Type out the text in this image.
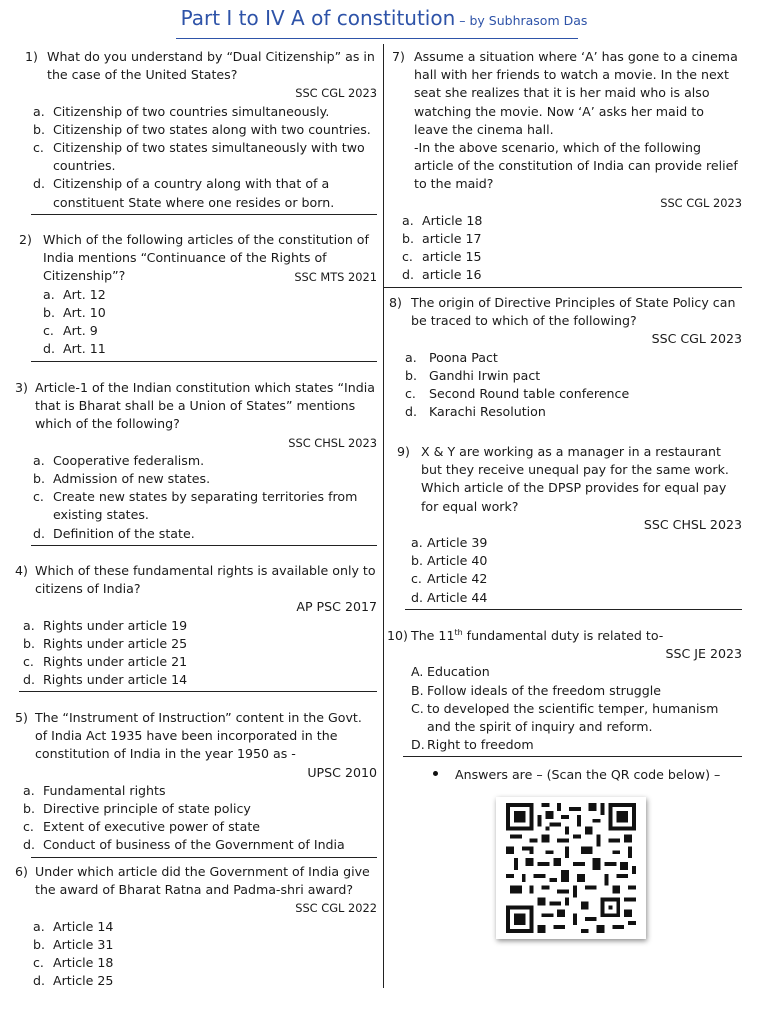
Part I to IV A of constitution – by Subhrasom Das
1) What do you understand by “Dual Citizenship” as in the case of the United States?
SSC CGL 2023
a. Citizenship of two countries simultaneously.
b. Citizenship of two states along with two countries.
c. Citizenship of two states simultaneously with two countries.
d. Citizenship of a country along with that of a constituent State where one resides or born.
2) Which of the following articles of the constitution of India mentions “Continuance of the Rights of Citizenship”?	SSC MTS 2021
a. Art. 12
b. Art. 10
c. Art. 9
d. Art. 11
3) Article-1 of the Indian constitution which states “India that is Bharat shall be a Union of States” mentions which of the following?
SSC CHSL 2023
a. Cooperative federalism.
b. Admission of new states.
c. Create new states by separating territories from existing states.
d. Definition of the state.
4) Which of these fundamental rights is available only to citizens of India?
AP PSC 2017
a. Rights under article 19
b. Rights under article 25
c. Rights under article 21
d. Rights under article 14
5) The “Instrument of Instruction” content in the Govt. of India Act 1935 have been incorporated in the constitution of India in the year 1950 as -
UPSC 2010
a. Fundamental rights
b. Directive principle of state policy
c. Extent of executive power of state
d. Conduct of business of the Government of India
6) Under which article did the Government of India give the award of Bharat Ratna and Padma-shri award?
SSC CGL 2022
a. Article 14
b. Article 31
c. Article 18
d. Article 25
7) Assume a situation where ‘A’ has gone to a cinema hall with her friends to watch a movie. In the next seat she realizes that it is her maid who is also watching the movie. Now ‘A’ asks her maid to leave the cinema hall.
-In the above scenario, which of the following article of the constitution of India can provide relief to the maid?
SSC CGL 2023
a. Article 18
b. article 17
c. article 15
d. article 16
8) The origin of Directive Principles of State Policy can be traced to which of the following?
SSC CGL 2023
a. Poona Pact
b. Gandhi Irwin pact
c. Second Round table conference
d. Karachi Resolution
9) X & Y are working as a manager in a restaurant but they receive unequal pay for the same work. Which article of the DPSP provides for equal pay for equal work?
SSC CHSL 2023
a. Article 39
b. Article 40
c. Article 42
d. Article 44
10) The 11th fundamental duty is related to-
SSC JE 2023
A. Education
B. Follow ideals of the freedom struggle
C. to developed the scientific temper, humanism and the spirit of inquiry and reform.
D. Right to freedom
Answers are – (Scan the QR code below) –
